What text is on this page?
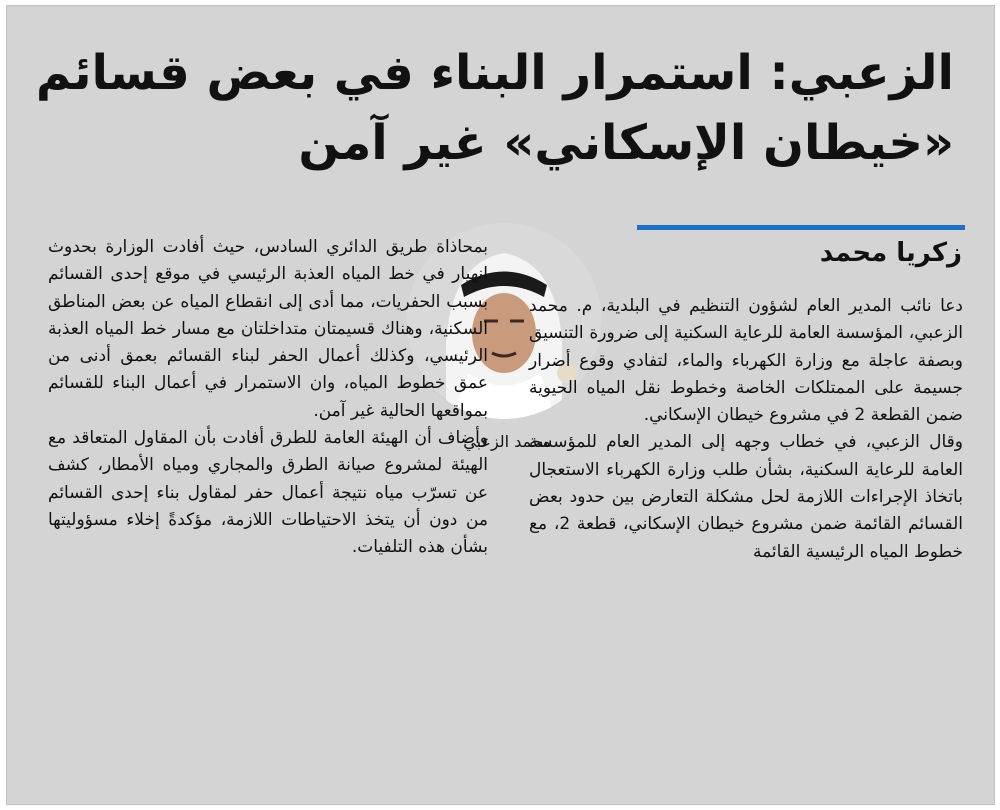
الزعبي: استمرار البناء في بعض قسائم
«خيطان الإسكاني» غير آمن
زكريا محمد
محمد الزعبي

دعا نائب المدير العام لشؤون التنظيم في البلدية، م. محمد الزعبي، المؤسسة العامة للرعاية السكنية إلى ضرورة التنسيق وبصفة عاجلة مع وزارة الكهرباء والماء، لتفادي وقوع أضرار جسيمة على الممتلكات الخاصة وخطوط نقل المياه الحيوية ضمن القطعة 2 في مشروع خيطان الإسكاني.

وقال الزعبي، في خطاب وجهه إلى المدير العام للمؤسسة العامة للرعاية السكنية، بشأن طلب وزارة الكهرباء الاستعجال باتخاذ الإجراءات اللازمة لحل مشكلة التعارض بين حدود بعض القسائم القائمة ضمن مشروع خيطان الإسكاني، قطعة 2، مع خطوط المياه الرئيسية القائمة

بمحاذاة طريق الدائري السادس، حيث أفادت الوزارة بحدوث انهيار في خط المياه العذبة الرئيسي في موقع إحدى القسائم بسبب الحفريات، مما أدى إلى انقطاع المياه عن بعض المناطق السكنية، وهناك قسيمتان متداخلتان مع مسار خط المياه العذبة الرئيسي، وكذلك أعمال الحفر لبناء القسائم بعمق أدنى من عمق خطوط المياه، وان الاستمرار في أعمال البناء للقسائم بمواقعها الحالية غير آمن.

وأضاف أن الهيئة العامة للطرق أفادت بأن المقاول المتعاقد مع الهيئة لمشروع صيانة الطرق والمجاري ومياه الأمطار، كشف عن تسرّب مياه نتيجة أعمال حفر لمقاول بناء إحدى القسائم من دون أن يتخذ الاحتياطات اللازمة، مؤكدةً إخلاء مسؤوليتها بشأن هذه التلفيات.
